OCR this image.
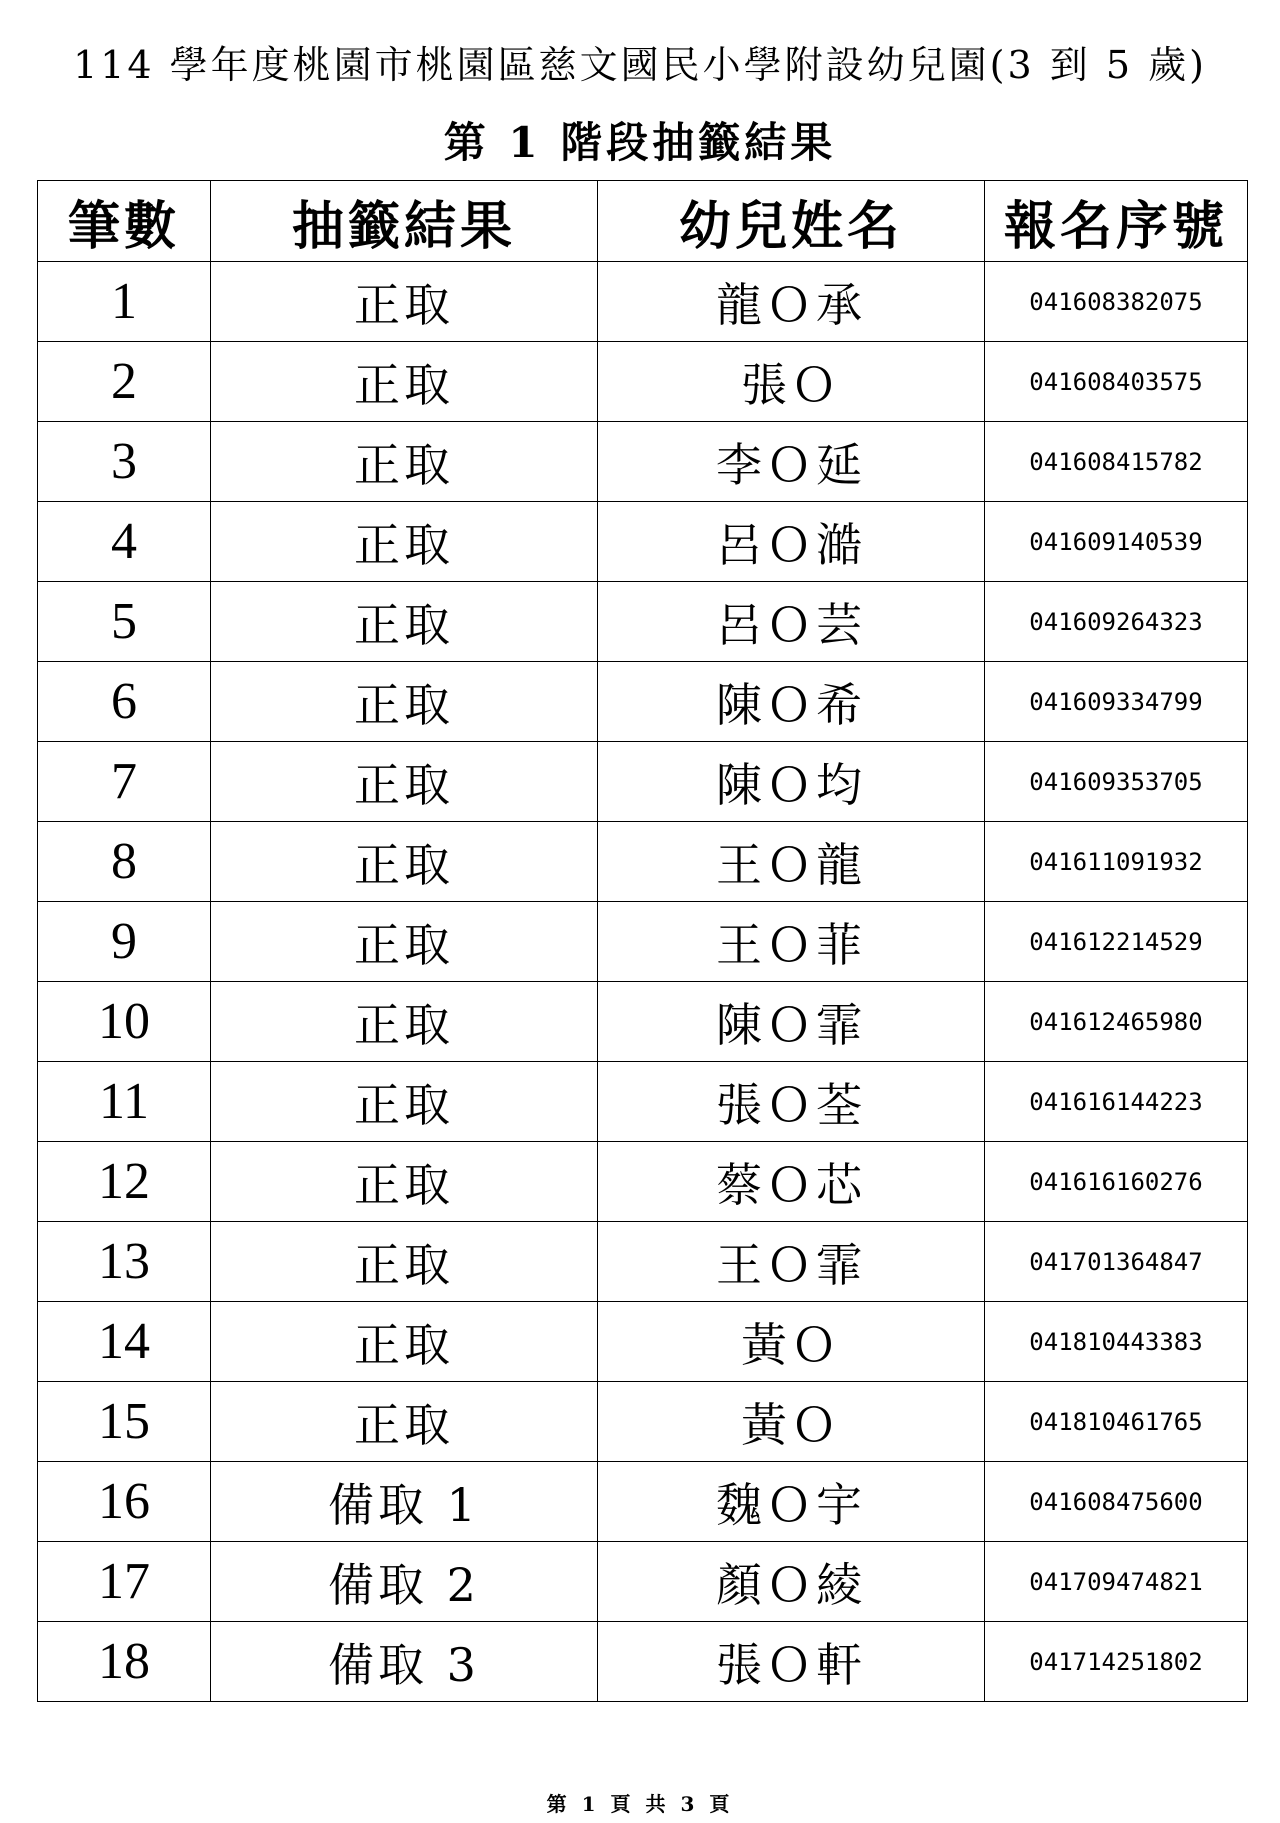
114 學年度桃園市桃園區慈文國民小學附設幼兒園(3 到 5 歲)
第 1 階段抽籤結果
筆數	抽籤結果	幼兒姓名	報名序號
1	正取	龍Ｏ承	041608382075
2	正取	張Ｏ	041608403575
3	正取	李Ｏ延	041608415782
4	正取	呂Ｏ澔	041609140539
5	正取	呂Ｏ芸	041609264323
6	正取	陳Ｏ希	041609334799
7	正取	陳Ｏ均	041609353705
8	正取	王Ｏ龍	041611091932
9	正取	王Ｏ菲	041612214529
10	正取	陳Ｏ霏	041612465980
11	正取	張Ｏ荃	041616144223
12	正取	蔡Ｏ芯	041616160276
13	正取	王Ｏ霏	041701364847
14	正取	黃Ｏ	041810443383
15	正取	黃Ｏ	041810461765
16	備取 1	魏Ｏ宇	041608475600
17	備取 2	顏Ｏ綾	041709474821
18	備取 3	張Ｏ軒	041714251802
第 1 頁 共 3 頁
